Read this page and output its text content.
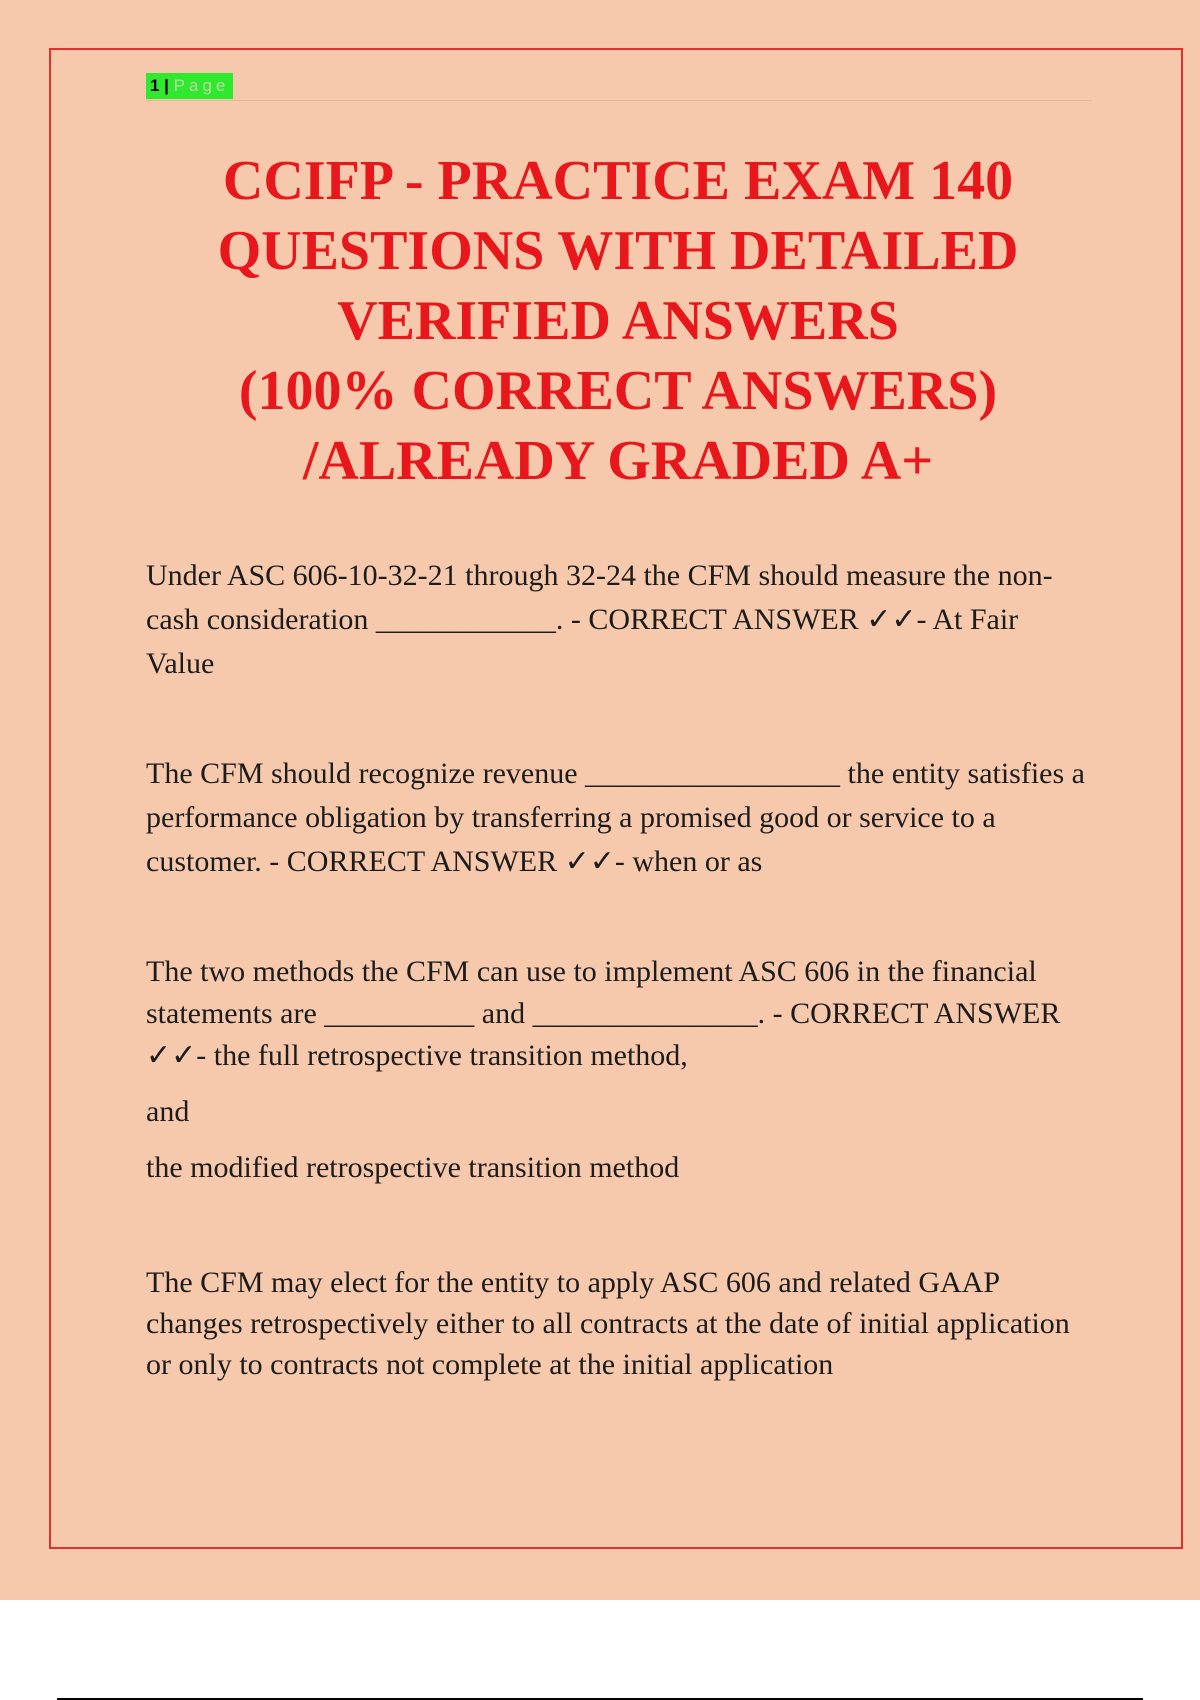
1 | Page
CCIFP - PRACTICE EXAM 140
QUESTIONS WITH DETAILED
VERIFIED ANSWERS
(100% CORRECT ANSWERS)
/ALREADY GRADED A+

Under ASC 606-10-32-21 through 32-24 the CFM should measure the non-cash consideration ____________. - CORRECT ANSWER ✓✓- At Fair Value

The CFM should recognize revenue _________________ the entity satisfies a performance obligation by transferring a promised good or service to a customer. - CORRECT ANSWER ✓✓- when or as

The two methods the CFM can use to implement ASC 606 in the financial statements are __________ and _______________. - CORRECT ANSWER ✓✓- the full retrospective transition method,

and

the modified retrospective transition method

The CFM may elect for the entity to apply ASC 606 and related GAAP changes retrospectively either to all contracts at the date of initial application or only to contracts not complete at the initial application
